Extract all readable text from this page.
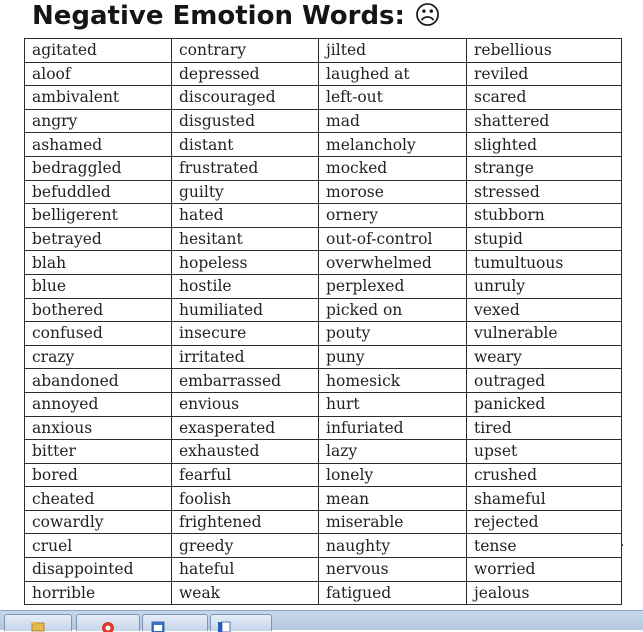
Negative Emotion Words: ☹
agitated	contrary	jilted	rebellious
aloof	depressed	laughed at	reviled
ambivalent	discouraged	left-out	scared
angry	disgusted	mad	shattered
ashamed	distant	melancholy	slighted
bedraggled	frustrated	mocked	strange
befuddled	guilty	morose	stressed
belligerent	hated	ornery	stubborn
betrayed	hesitant	out-of-control	stupid
blah	hopeless	overwhelmed	tumultuous
blue	hostile	perplexed	unruly
bothered	humiliated	picked on	vexed
confused	insecure	pouty	vulnerable
crazy	irritated	puny	weary
abandoned	embarrassed	homesick	outraged
annoyed	envious	hurt	panicked
anxious	exasperated	infuriated	tired
bitter	exhausted	lazy	upset
bored	fearful	lonely	crushed
cheated	foolish	mean	shameful
cowardly	frightened	miserable	rejected
cruel	greedy	naughty	tense
disappointed	hateful	nervous	worried
horrible	weak	fatigued	jealous
.
